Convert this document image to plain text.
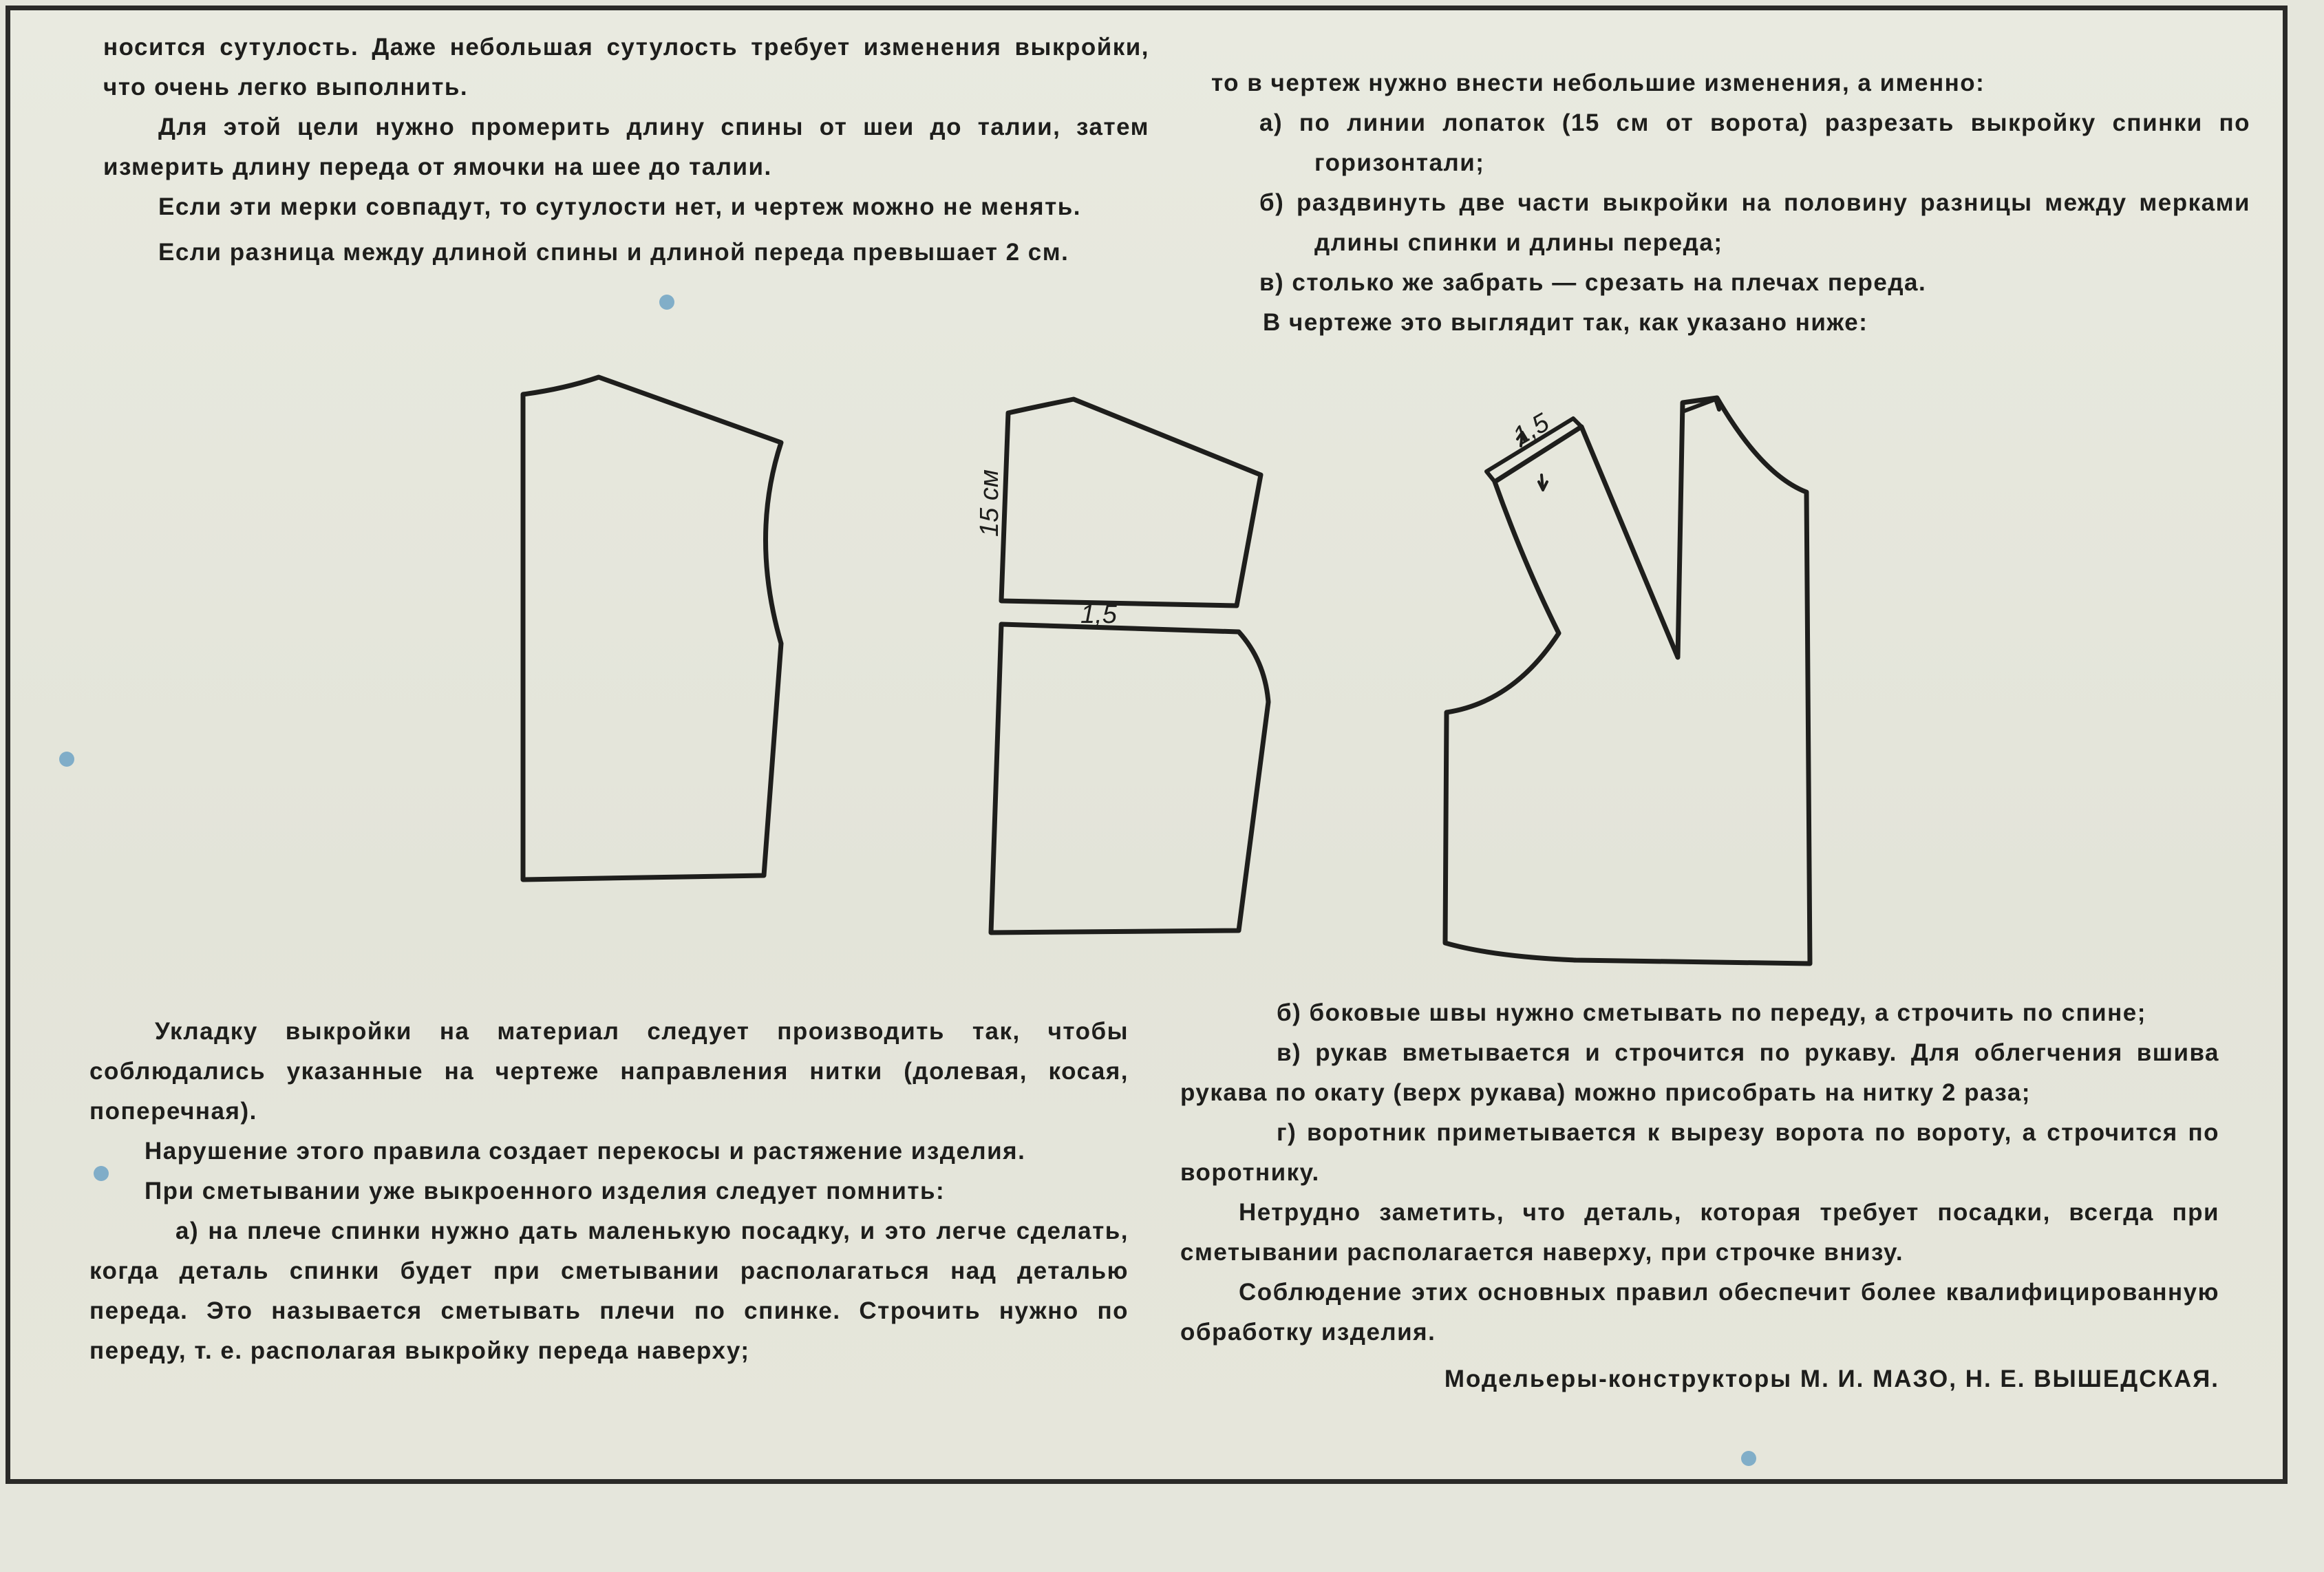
носится сутулость. Даже небольшая сутулость требует изменения выкройки, что очень легко выполнить.

Для этой цели нужно промерить длину спины от шеи до талии, затем измерить длину переда от ямочки на шее до талии.

Если эти мерки совпадут, то сутулости нет, и чертеж можно не менять.

Если разница между длиной спины и длиной переда превышает 2 см.

то в чертеж нужно внести небольшие изменения, а именно:

а) по линии лопаток (15 см от ворота) разрезать выкройку спинки по горизонтали;

б) раздвинуть две части выкройки на половину разницы между мерками длины спинки и длины переда;

в) столько же забрать — срезать на плечах переда.

В чертеже это выглядит так, как указано ниже:

15 см
1,5
1,5

Укладку выкройки на материал следует производить так, чтобы соблюдались указанные на чертеже направления нитки (долевая, косая, поперечная).

Нарушение этого правила создает перекосы и растяжение изделия.

При сметывании уже выкроенного изделия следует помнить:

а) на плече спинки нужно дать маленькую посадку, и это легче сделать, когда деталь спинки будет при сметывании располагаться над деталью переда. Это называется сметывать плечи по спинке. Строчить нужно по переду, т. е. располагая выкройку переда наверху;

б) боковые швы нужно сметывать по переду, а строчить по спине;

в) рукав вметывается и строчится по рукаву. Для облегчения вшива рукава по окату (верх рукава) можно присобрать на нитку 2 раза;

г) воротник приметывается к вырезу ворота по вороту, а строчится по воротнику.

Нетрудно заметить, что деталь, которая требует посадки, всегда при сметывании располагается наверху, при строчке внизу.

Соблюдение этих основных правил обеспечит более квалифицированную обработку изделия.

Модельеры-конструкторы М. И. МАЗО, Н. Е. ВЫШЕДСКАЯ.
